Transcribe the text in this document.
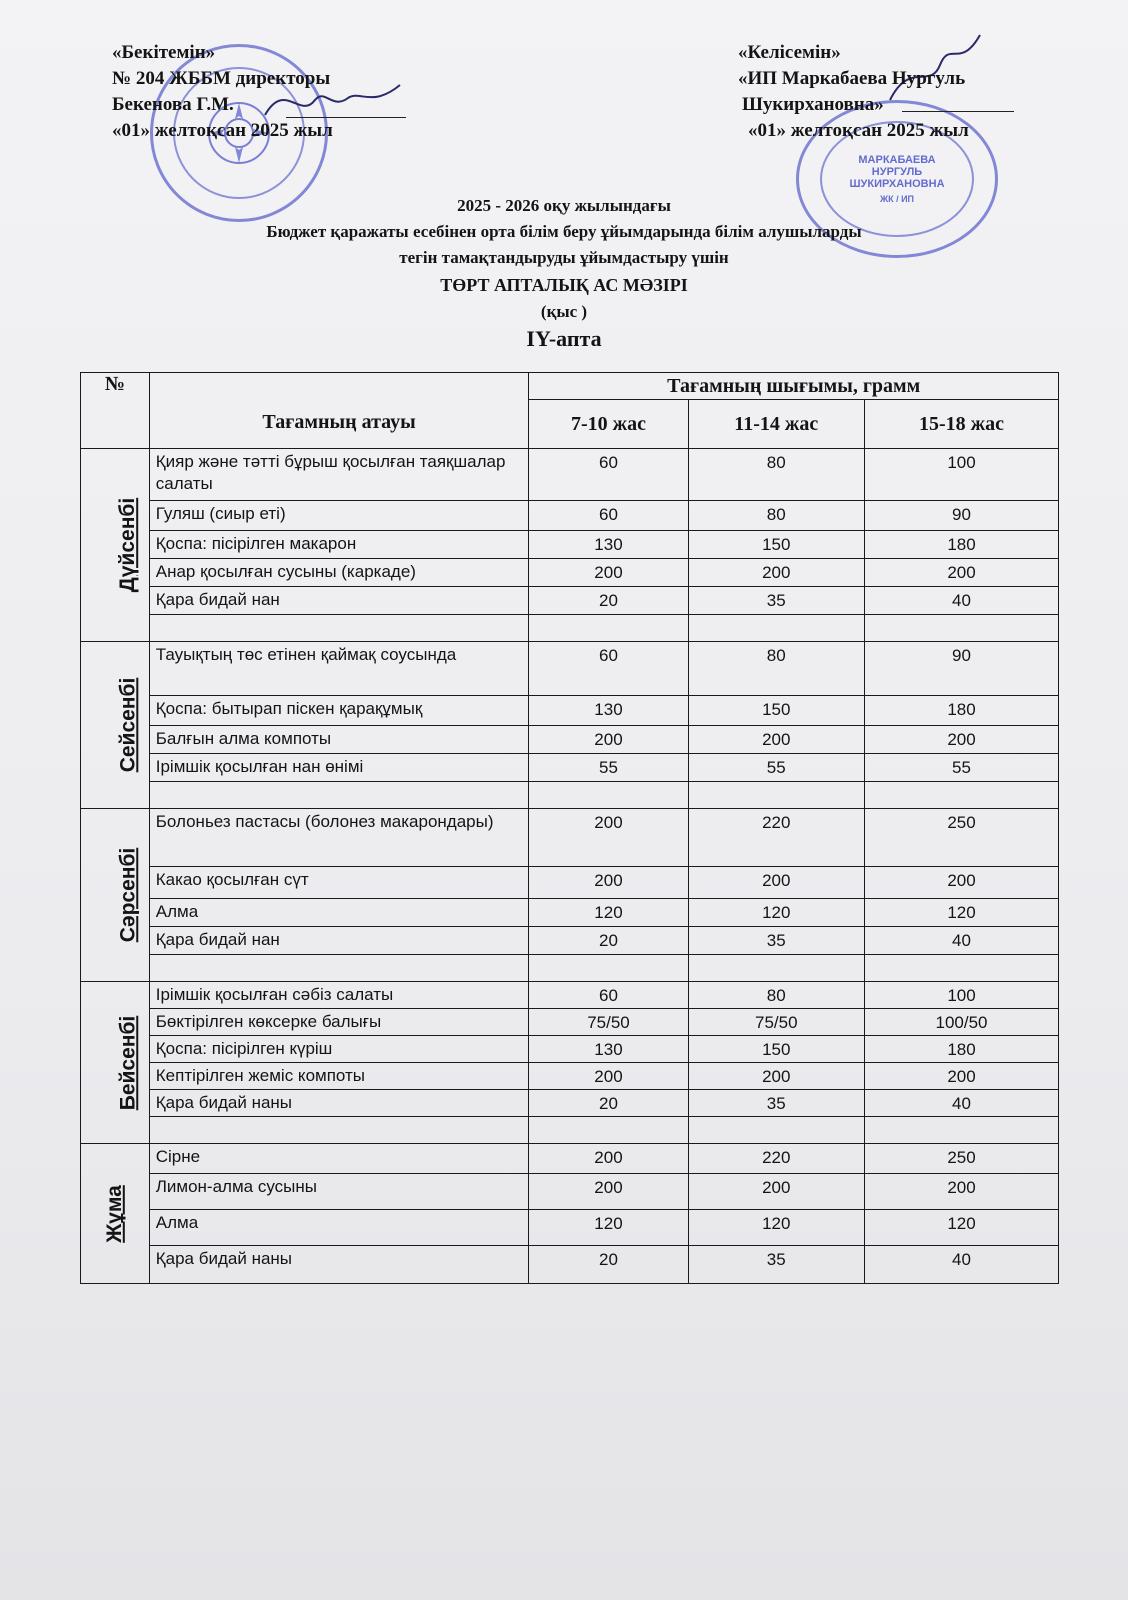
МАРКАБАЕВА
НУРГУЛЬ
ШУКИРХАНОВНА
ЖК / ИП
«Бекітемін»
№ 204 ЖББМ директоры
Бекенова Г.М.
«01» желтоқсан 2025 жыл
«Келісемін»
«ИП Маркабаева Нургуль
Шукирхановна»
«01» желтоқсан 2025 жыл
2025 - 2026 оқу жылындағы
Бюджет қаражаты есебінен орта білім беру ұйымдарында білім алушыларды
тегін тамақтандыруды ұйымдастыру үшін
ТӨРТ АПТАЛЫҚ АС МӘЗІРІ
(қыс )
IY-апта
№	Тағамның атауы	Тағамның шығымы, грамм		
		7-10 жас	11-14 жас	15-18 жас
Дүйсенбі	Қияр және тәтті бұрыш қосылған таяқшалар салаты	60	80	100
	Гуляш (сиыр еті)	60	80	90
	Қоспа: пісірілген макарон	130	150	180
	Анар қосылған сусыны (каркаде)	200	200	200
	Қара бидай нан	20	35	40

Сейсенбі	Тауықтың төс етінен қаймақ соусында	60	80	90
	Қоспа: бытырап піскен қарақұмық	130	150	180
	Балғын алма компоты	200	200	200
	Ірімшік қосылған нан өнімі	55	55	55

Сәрсенбі	Болоньез пастасы (болонез макарондары)	200	220	250
	Какао қосылған сүт	200	200	200
	Алма	120	120	120
	Қара бидай нан	20	35	40

Бейсенбі	Ірімшік қосылған сәбіз салаты	60	80	100
	Бөктірілген көксерке балығы	75/50	75/50	100/50
	Қоспа: пісірілген күріш	130	150	180
	Кептірілген жеміс компоты	200	200	200
	Қара бидай наны	20	35	40

Жұма	Сірне	200	220	250
	Лимон-алма сусыны	200	200	200
	Алма	120	120	120
	Қара бидай наны	20	35	40
